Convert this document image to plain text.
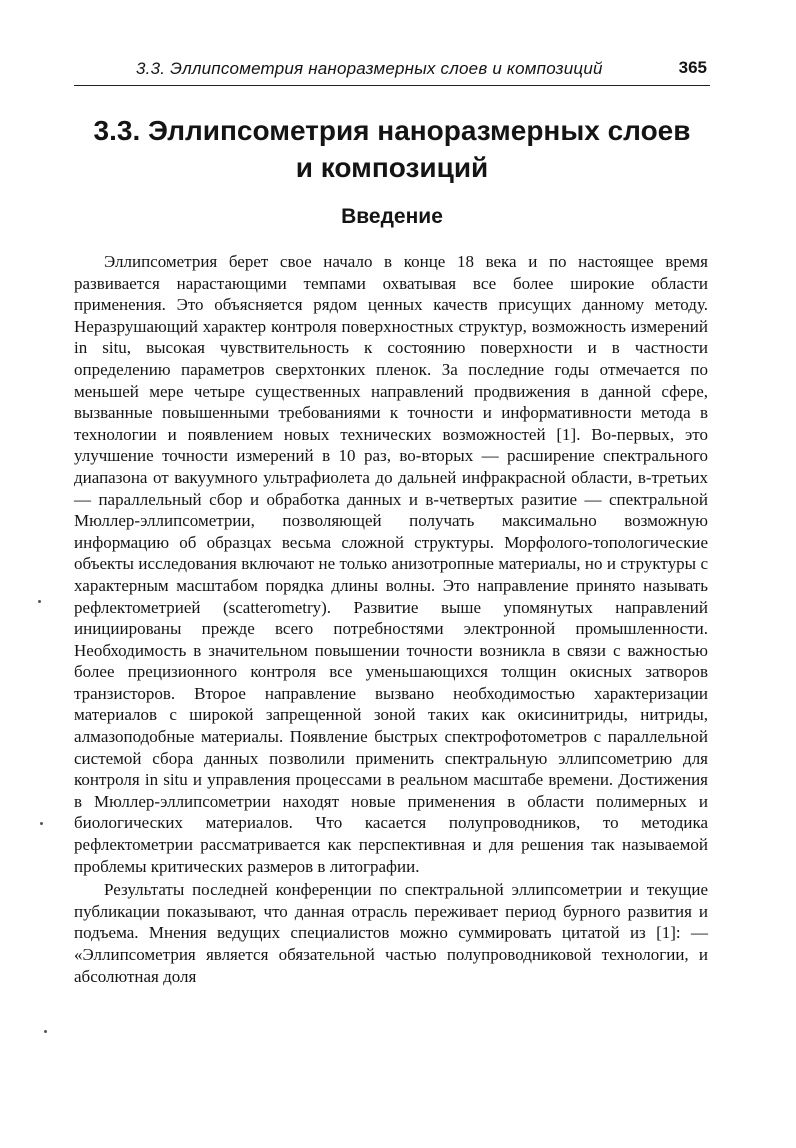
3.3. Эллипсометрия наноразмерных слоев и композиций	365
3.3. Эллипсометрия наноразмерных слоев
и композиций
Введение

Эллипсометрия берет свое начало в конце 18 века и по настоящее время развивается нарастающими темпами охватывая все более широкие области применения. Это объясняется рядом ценных качеств присущих данному методу. Неразрушающий характер контроля поверхностных структур, возможность измерений in situ, высокая чувствительность к состоянию поверхности и в частности определению параметров сверхтонких пленок. За последние годы отмечается по меньшей мере четыре существенных направлений продвижения в данной сфере, вызванные повышенными требованиями к точности и информативности метода в технологии и появлением новых технических возможностей [1]. Во-первых, это улучшение точности измерений в 10 раз, во-вторых — расширение спектрального диапазона от вакуумного ультрафиолета до дальней инфракрасной области, в-третьих — параллельный сбор и обработка данных и в-четвертых разитие — спектральной Мюллер-эллипсометрии, позволяющей получать максимально возможную информацию об образцах весьма сложной структуры. Морфолого-топологические объекты исследования включают не только анизотропные материалы, но и структуры с характерным масштабом порядка длины волны. Это направление принято называть рефлектометрией (scatterometry). Развитие выше упомянутых направлений инициированы прежде всего потребностями электронной промышленности. Необходимость в значительном повышении точности возникла в связи с важностью более прецизионного контроля все уменьшающихся толщин окисных затворов транзисторов. Второе направление вызвано необходимостью характеризации материалов с широкой запрещенной зоной таких как окисинитриды, нитриды, алмазоподобные материалы. Появление быстрых спектрофотометров с параллельной системой сбора данных позволили применить спектральную эллипсометрию для контроля in situ и управления процессами в реальном масштабе времени. Достижения в Мюллер-эллипсометрии находят новые применения в области полимерных и биологических материалов. Что касается полупроводников, то методика рефлектометрии рассматривается как перспективная и для решения так называемой проблемы критических размеров в литографии.

Результаты последней конференции по спектральной эллипсометрии и текущие публикации показывают, что данная отрасль переживает период бурного развития и подъема. Мнения ведущих специалистов можно суммировать цитатой из [1]: — «Эллипсометрия является обязательной частью полупроводниковой технологии, и абсолютная доля
